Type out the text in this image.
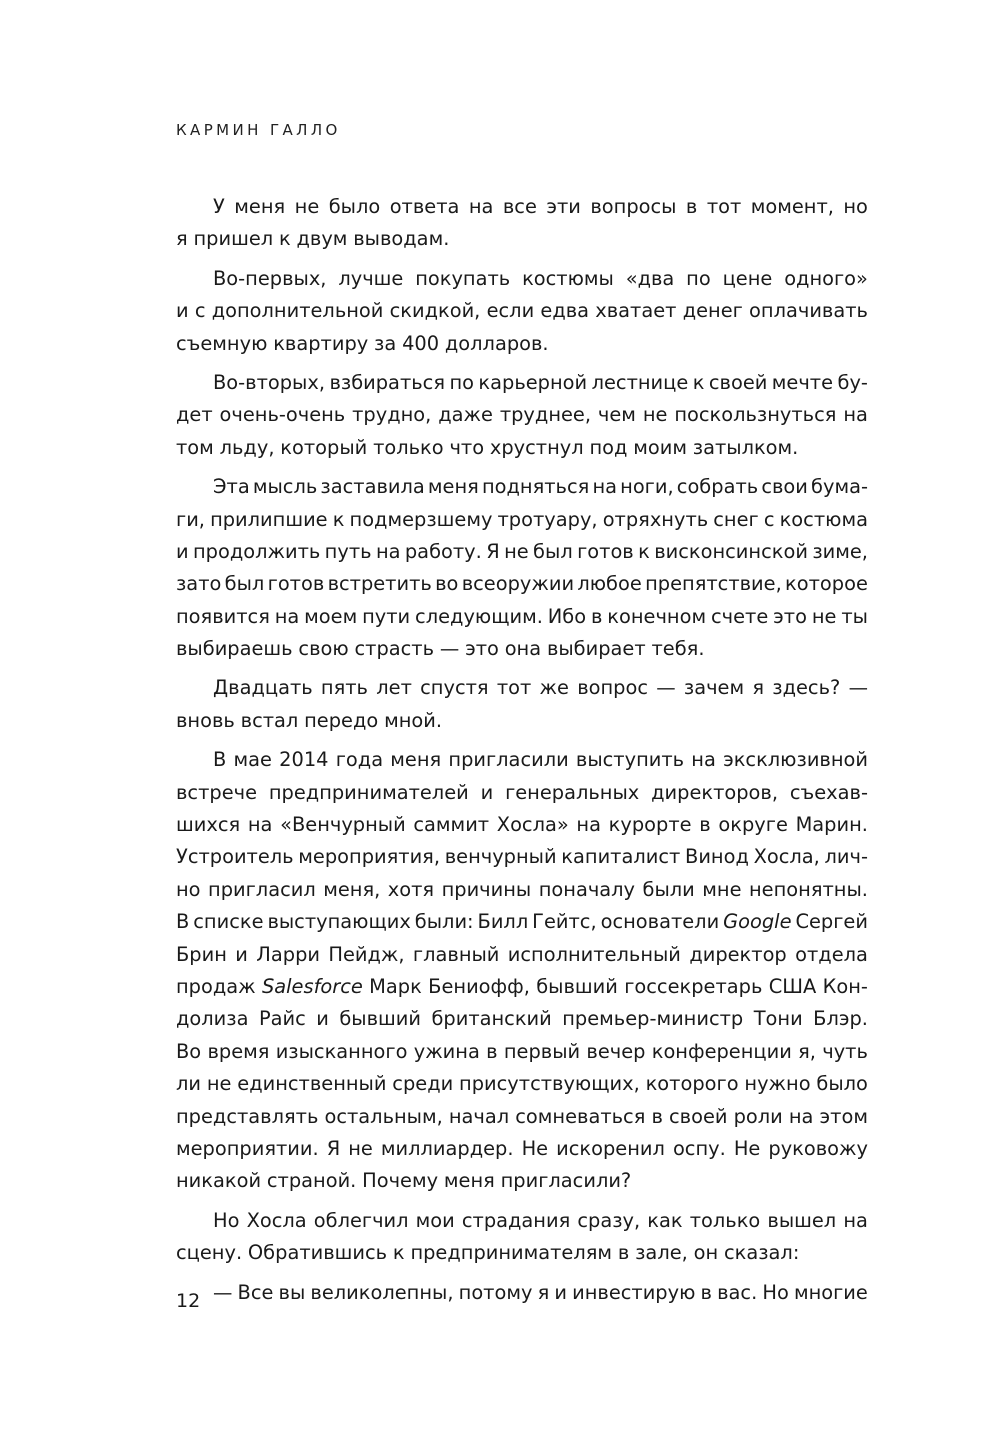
КАРМИН ГАЛЛО
У меня не было ответа на все эти вопросы в тот момент, но
я пришел к двум выводам.
Во-первых, лучше покупать костюмы «два по цене одного»
и с дополнительной скидкой, если едва хватает денег оплачивать
съемную квартиру за 400 долларов.
Во-вторых, взбираться по карьерной лестнице к своей мечте бу-
дет очень-очень трудно, даже труднее, чем не поскользнуться на
том льду, который только что хрустнул под моим затылком.
Эта мысль заставила меня подняться на ноги, собрать свои бума-
ги, прилипшие к подмерзшему тротуару, отряхнуть снег с костюма
и продолжить путь на работу. Я не был готов к висконсинской зиме,
зато был готов встретить во всеоружии любое препятствие, которое
появится на моем пути следующим. Ибо в конечном счете это не ты
выбираешь свою страсть — это она выбирает тебя.
Двадцать пять лет спустя тот же вопрос — зачем я здесь? —
вновь встал передо мной.
В мае 2014 года меня пригласили выступить на эксклюзивной
встрече предпринимателей и генеральных директоров, съехав-
шихся на «Венчурный саммит Хосла» на курорте в округе Марин.
Устроитель мероприятия, венчурный капиталист Винод Хосла, лич-
но пригласил меня, хотя причины поначалу были мне непонятны.
В списке выступающих были: Билл Гейтс, основатели Google Сергей
Брин и Ларри Пейдж, главный исполнительный директор отдела
продаж Salesforce Марк Бениофф, бывший госсекретарь США Кон-
долиза Райс и бывший британский премьер-министр Тони Блэр.
Во время изысканного ужина в первый вечер конференции я, чуть
ли не единственный среди присутствующих, которого нужно было
представлять остальным, начал сомневаться в своей роли на этом
мероприятии. Я не миллиардер. Не искоренил оспу. Не руковожу
никакой страной. Почему меня пригласили?
Но Хосла облегчил мои страдания сразу, как только вышел на
сцену. Обратившись к предпринимателям в зале, он сказал:
— Все вы великолепны, потому я и инвестирую в вас. Но многие
12
